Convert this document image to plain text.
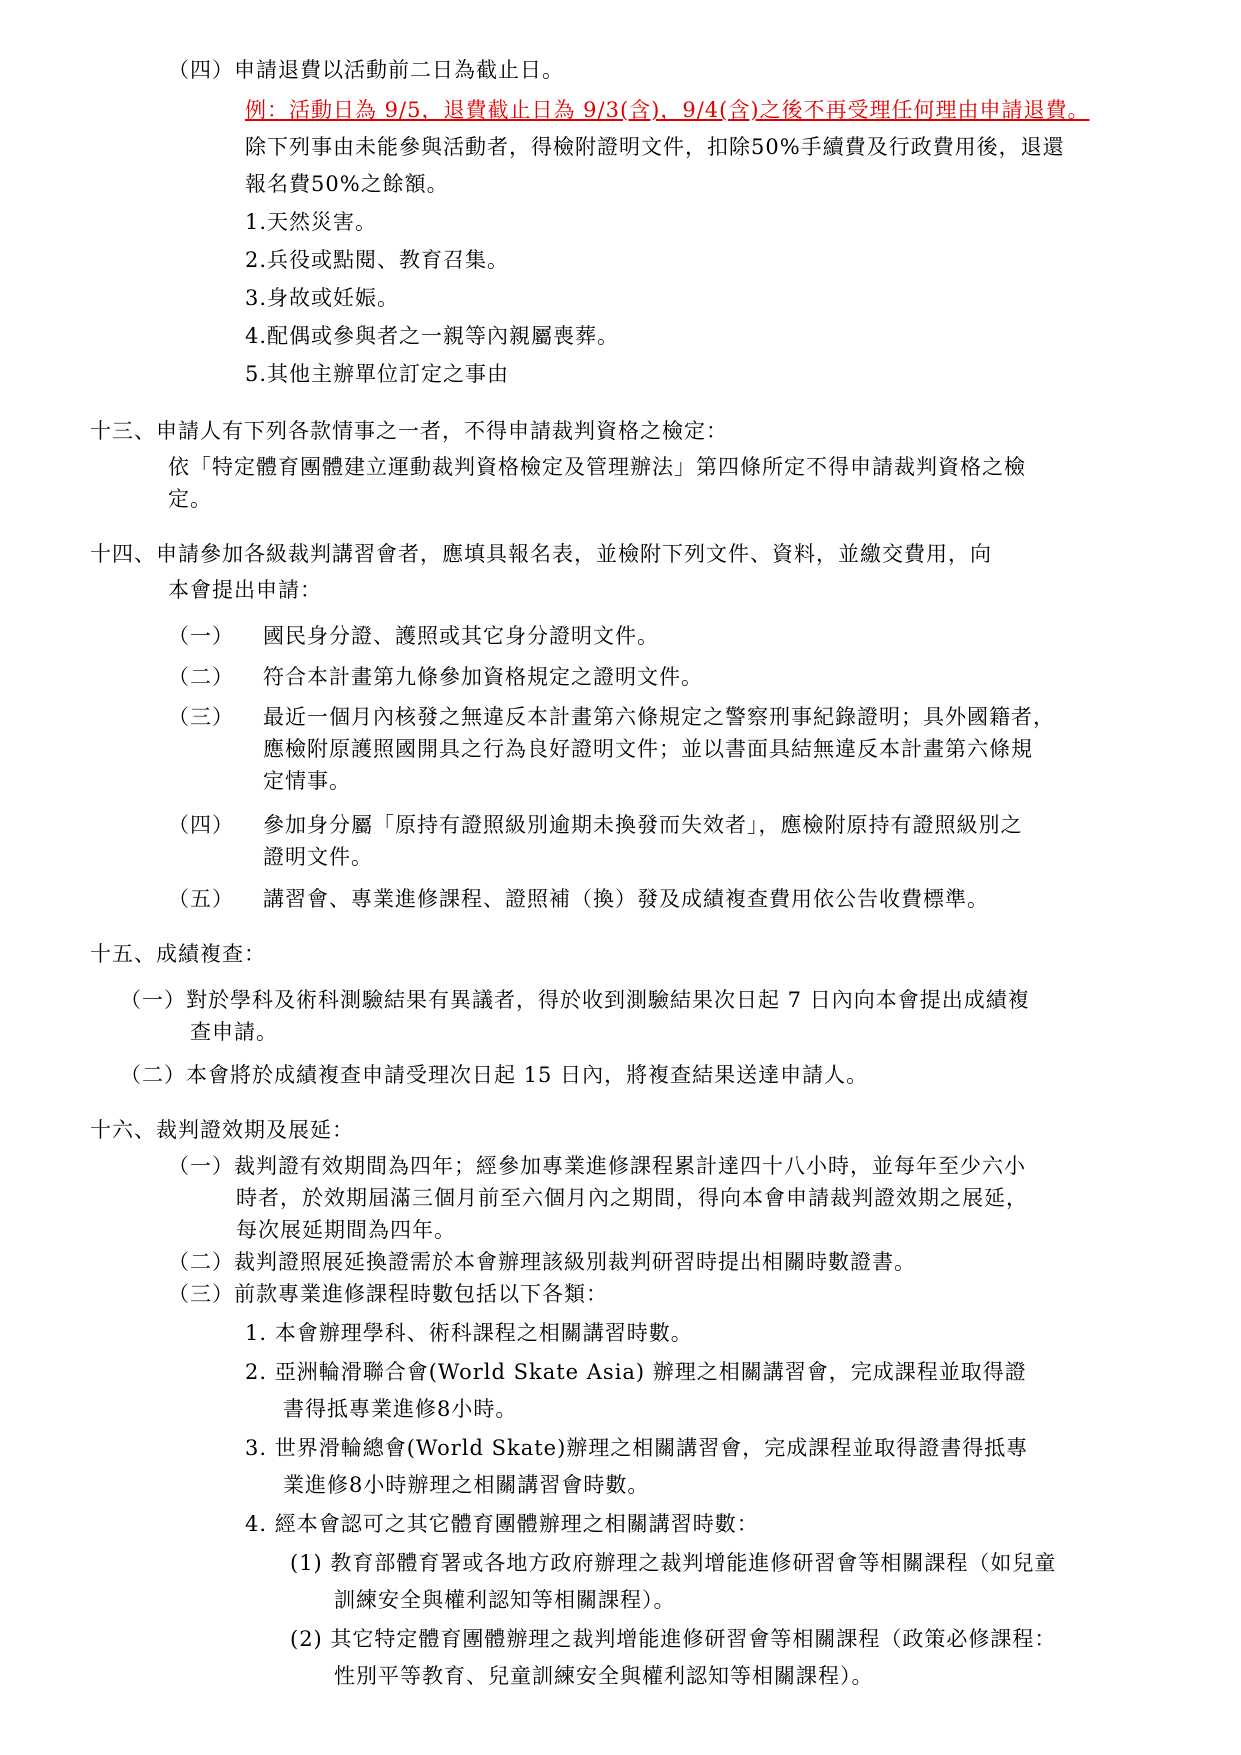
（四）申請退費以活動前二日為截止日。
例：活動日為 9/5，退費截止日為 9/3(含)，9/4(含)之後不再受理任何理由申請退費。
除下列事由未能參與活動者，得檢附證明文件，扣除50%手續費及行政費用後，退還
報名費50%之餘額。
1.天然災害。
2.兵役或點閱、教育召集。
3.身故或妊娠。
4.配偶或參與者之一親等內親屬喪葬。
5.其他主辦單位訂定之事由
十三、申請人有下列各款情事之一者，不得申請裁判資格之檢定：
依「特定體育團體建立運動裁判資格檢定及管理辦法」第四條所定不得申請裁判資格之檢
定。
十四、申請參加各級裁判講習會者，應填具報名表，並檢附下列文件、資料，並繳交費用，向
本會提出申請：
（一） 國民身分證、護照或其它身分證明文件。
（二） 符合本計畫第九條參加資格規定之證明文件。
（三） 最近一個月內核發之無違反本計畫第六條規定之警察刑事紀錄證明；具外國籍者，
應檢附原護照國開具之行為良好證明文件；並以書面具結無違反本計畫第六條規
定情事。
（四） 參加身分屬「原持有證照級別逾期未換發而失效者」，應檢附原持有證照級別之
證明文件。
（五） 講習會、專業進修課程、證照補（換）發及成績複查費用依公告收費標準。
十五、成績複查：
（一）對於學科及術科測驗結果有異議者，得於收到測驗結果次日起 7 日內向本會提出成績複
查申請。
（二）本會將於成績複查申請受理次日起 15 日內，將複查結果送達申請人。
十六、裁判證效期及展延：
（一）裁判證有效期間為四年；經參加專業進修課程累計達四十八小時，並每年至少六小
時者，於效期屆滿三個月前至六個月內之期間，得向本會申請裁判證效期之展延，
每次展延期間為四年。
（二）裁判證照展延換證需於本會辦理該級別裁判研習時提出相關時數證書。
（三）前款專業進修課程時數包括以下各類：
1. 本會辦理學科、術科課程之相關講習時數。
2. 亞洲輪滑聯合會(World Skate Asia) 辦理之相關講習會，完成課程並取得證
書得抵專業進修8小時。
3. 世界滑輪總會(World Skate)辦理之相關講習會，完成課程並取得證書得抵專
業進修8小時辦理之相關講習會時數。
4. 經本會認可之其它體育團體辦理之相關講習時數：
(1) 教育部體育署或各地方政府辦理之裁判增能進修研習會等相關課程（如兒童
訓練安全與權利認知等相關課程）。
(2) 其它特定體育團體辦理之裁判增能進修研習會等相關課程（政策必修課程：
性別平等教育、兒童訓練安全與權利認知等相關課程）。
